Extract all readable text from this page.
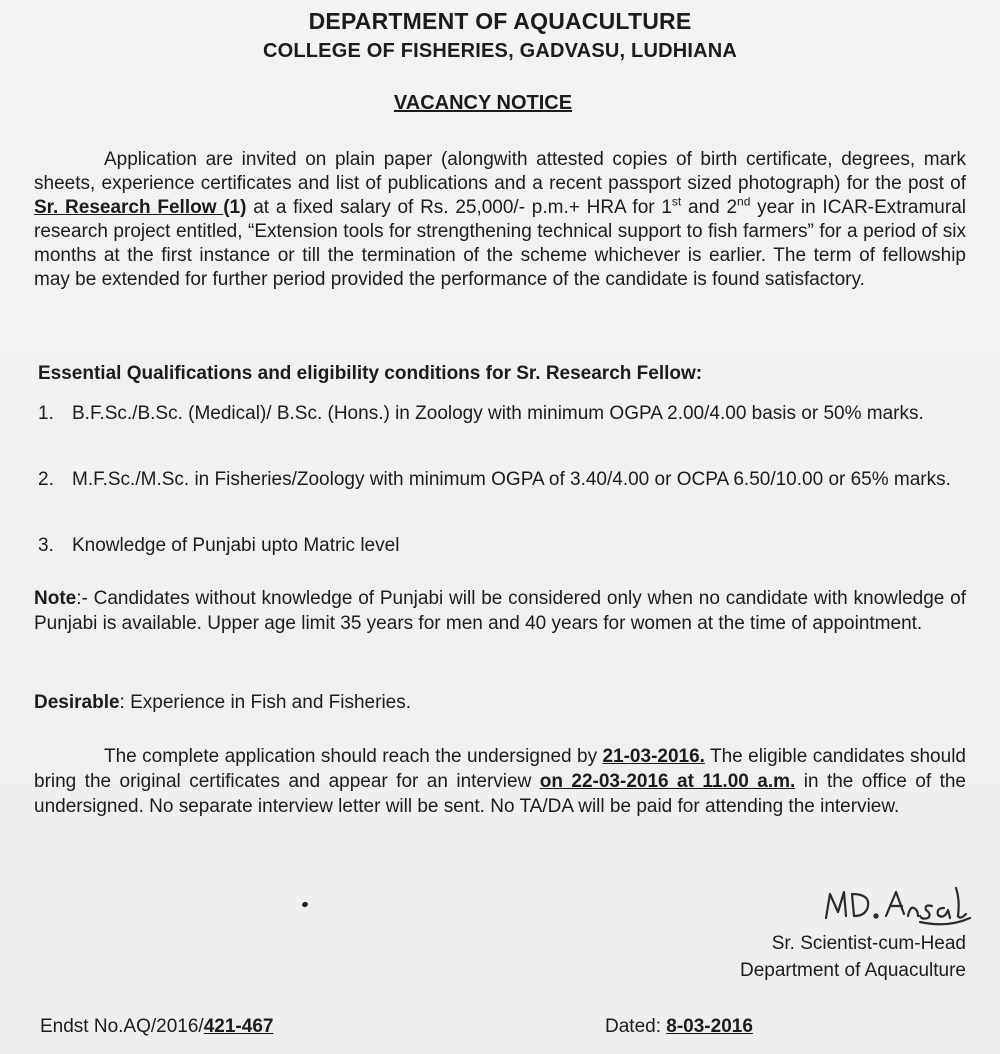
DEPARTMENT OF AQUACULTURE
COLLEGE OF FISHERIES, GADVASU, LUDHIANA
VACANCY NOTICE
Application are invited on plain paper (alongwith attested copies of birth certificate, degrees, mark sheets, experience certificates and list of publications and a recent passport sized photograph) for the post of Sr. Research Fellow (1) at a fixed salary of Rs. 25,000/- p.m.+ HRA for 1st and 2nd year in ICAR-Extramural research project entitled, “Extension tools for strengthening technical support to fish farmers” for a period of six months at the first instance or till the termination of the scheme whichever is earlier. The term of fellowship may be extended for further period provided the performance of the candidate is found satisfactory.
Essential Qualifications and eligibility conditions for Sr. Research Fellow:
1. B.F.Sc./B.Sc. (Medical)/ B.Sc. (Hons.) in Zoology with minimum OGPA 2.00/4.00 basis or 50% marks.
2. M.F.Sc./M.Sc. in Fisheries/Zoology with minimum OGPA of 3.40/4.00 or OCPA 6.50/10.00 or 65% marks.
3. Knowledge of Punjabi upto Matric level
Note:- Candidates without knowledge of Punjabi will be considered only when no candidate with knowledge of Punjabi is available. Upper age limit 35 years for men and 40 years for women at the time of appointment.
Desirable: Experience in Fish and Fisheries.
The complete application should reach the undersigned by 21-03-2016. The eligible candidates should bring the original certificates and appear for an interview on 22-03-2016 at 11.00 a.m. in the office of the undersigned. No separate interview letter will be sent. No TA/DA will be paid for attending the interview.
Sr. Scientist-cum-Head
Department of Aquaculture
Endst No.AQ/2016/421-467	Dated: 8-03-2016
